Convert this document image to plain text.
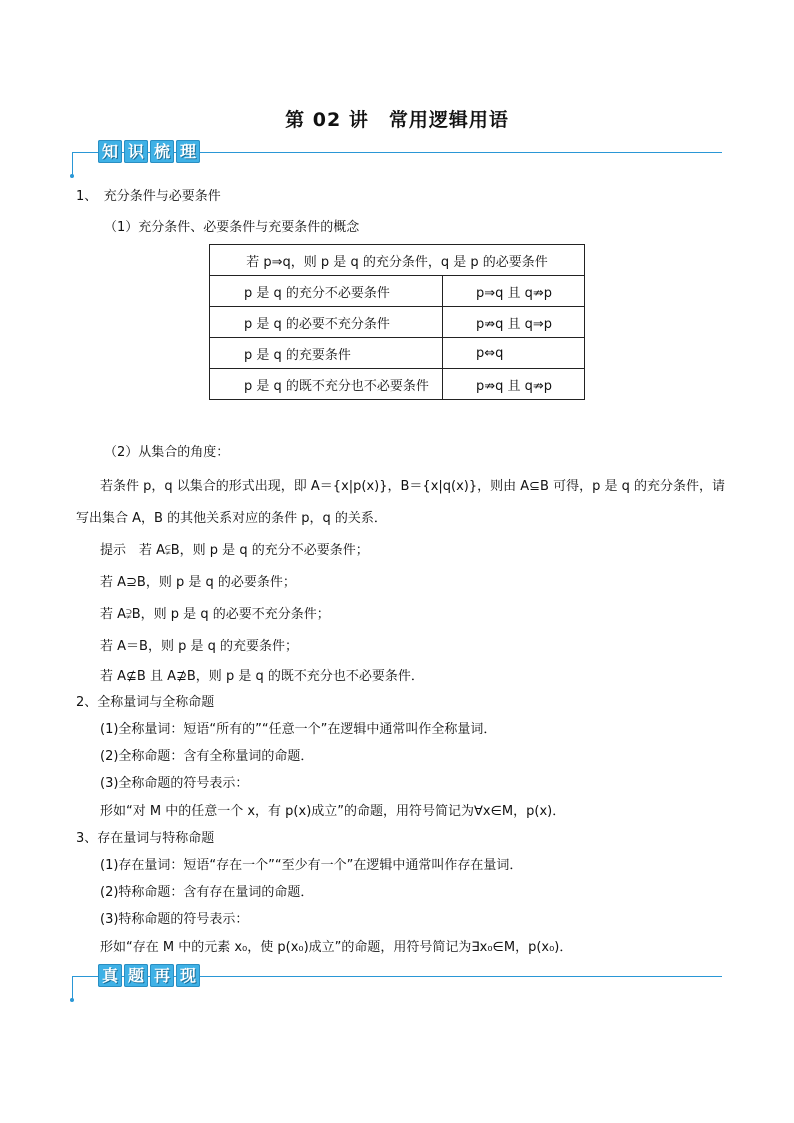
第 02 讲　常用逻辑用语
知 识 梳 理
1、　充分条件与必要条件
（1）充分条件、必要条件与充要条件的概念
若 p⇒q，则 p 是 q 的充分条件，q 是 p 的必要条件	
p 是 q 的充分不必要条件	p⇒q 且 q⇏p
p 是 q 的必要不充分条件	p⇏q 且 q⇒p
p 是 q 的充要条件	p⇔q
p 是 q 的既不充分也不必要条件	p⇏q 且 q⇏p
（2）从集合的角度：
若条件 p，q 以集合的形式出现，即 A＝{x|p(x)}，B＝{x|q(x)}，则由 A⊆B 可得，p 是 q 的充分条件，请
写出集合 A，B 的其他关系对应的条件 p，q 的关系．
提示　若 A⫋B，则 p 是 q 的充分不必要条件；
若 A⊇B，则 p 是 q 的必要条件；
若 A⫌B，则 p 是 q 的必要不充分条件；
若 A＝B，则 p 是 q 的充要条件；
若 A⊈B 且 A⊉B，则 p 是 q 的既不充分也不必要条件．
2、全称量词与全称命题
(1)全称量词：短语“所有的”“任意一个”在逻辑中通常叫作全称量词．
(2)全称命题：含有全称量词的命题．
(3)全称命题的符号表示：
形如“对 M 中的任意一个 x，有 p(x)成立”的命题，用符号简记为∀x∈M，p(x)．
3、存在量词与特称命题
(1)存在量词：短语“存在一个”“至少有一个”在逻辑中通常叫作存在量词．
(2)特称命题：含有存在量词的命题．
(3)特称命题的符号表示：
形如“存在 M 中的元素 x₀，使 p(x₀)成立”的命题，用符号简记为∃x₀∈M，p(x₀)．
真 题 再 现
